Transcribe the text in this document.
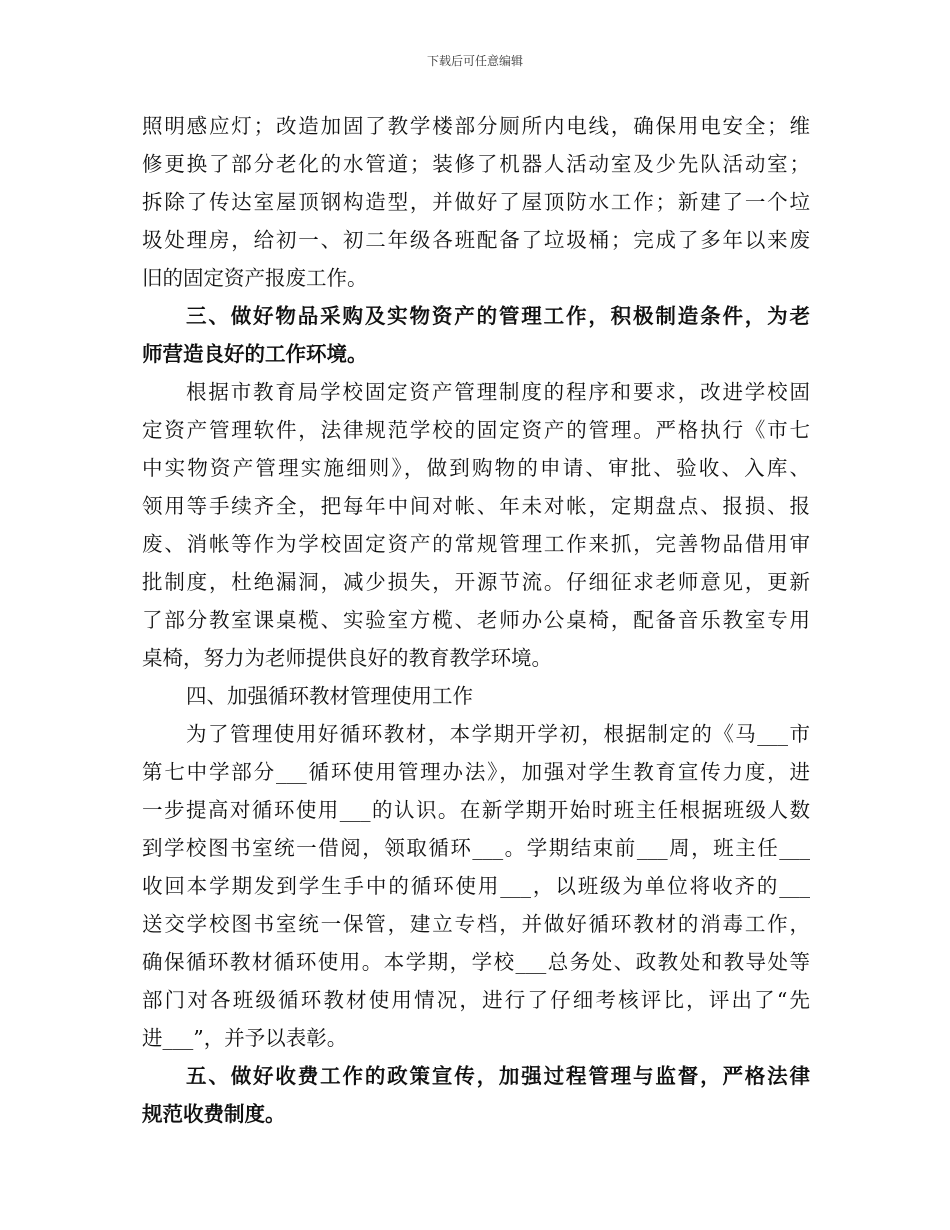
下载后可任意编辑
照明感应灯；改造加固了教学楼部分厕所内电线，确保用电安全；维
修更换了部分老化的水管道；装修了机器人活动室及少先队活动室；
拆除了传达室屋顶钢构造型，并做好了屋顶防水工作；新建了一个垃
圾处理房，给初一、初二年级各班配备了垃圾桶；完成了多年以来废
旧的固定资产报废工作。
三、做好物品采购及实物资产的管理工作，积极制造条件，为老
师营造良好的工作环境。
根据市教育局学校固定资产管理制度的程序和要求，改进学校固
定资产管理软件，法律规范学校的固定资产的管理。严格执行《市七
中实物资产管理实施细则》，做到购物的申请、审批、验收、入库、
领用等手续齐全，把每年中间对帐、年未对帐，定期盘点、报损、报
废、消帐等作为学校固定资产的常规管理工作来抓，完善物品借用审
批制度，杜绝漏洞，减少损失，开源节流。仔细征求老师意见，更新
了部分教室课桌榄、实验室方榄、老师办公桌椅，配备音乐教室专用
桌椅，努力为老师提供良好的教育教学环境。
四、加强循环教材管理使用工作
为了管理使用好循环教材，本学期开学初，根据制定的《马___市
第七中学部分___循环使用管理办法》，加强对学生教育宣传力度，进
一步提高对循环使用___的认识。在新学期开始时班主任根据班级人数
到学校图书室统一借阅，领取循环___。学期结束前___周，班主任___
收回本学期发到学生手中的循环使用___，以班级为单位将收齐的___
送交学校图书室统一保管，建立专档，并做好循环教材的消毒工作，
确保循环教材循环使用。本学期，学校___总务处、政教处和教导处等
部门对各班级循环教材使用情况，进行了仔细考核评比，评出了“先
进___”，并予以表彰。
五、做好收费工作的政策宣传，加强过程管理与监督，严格法律
规范收费制度。
